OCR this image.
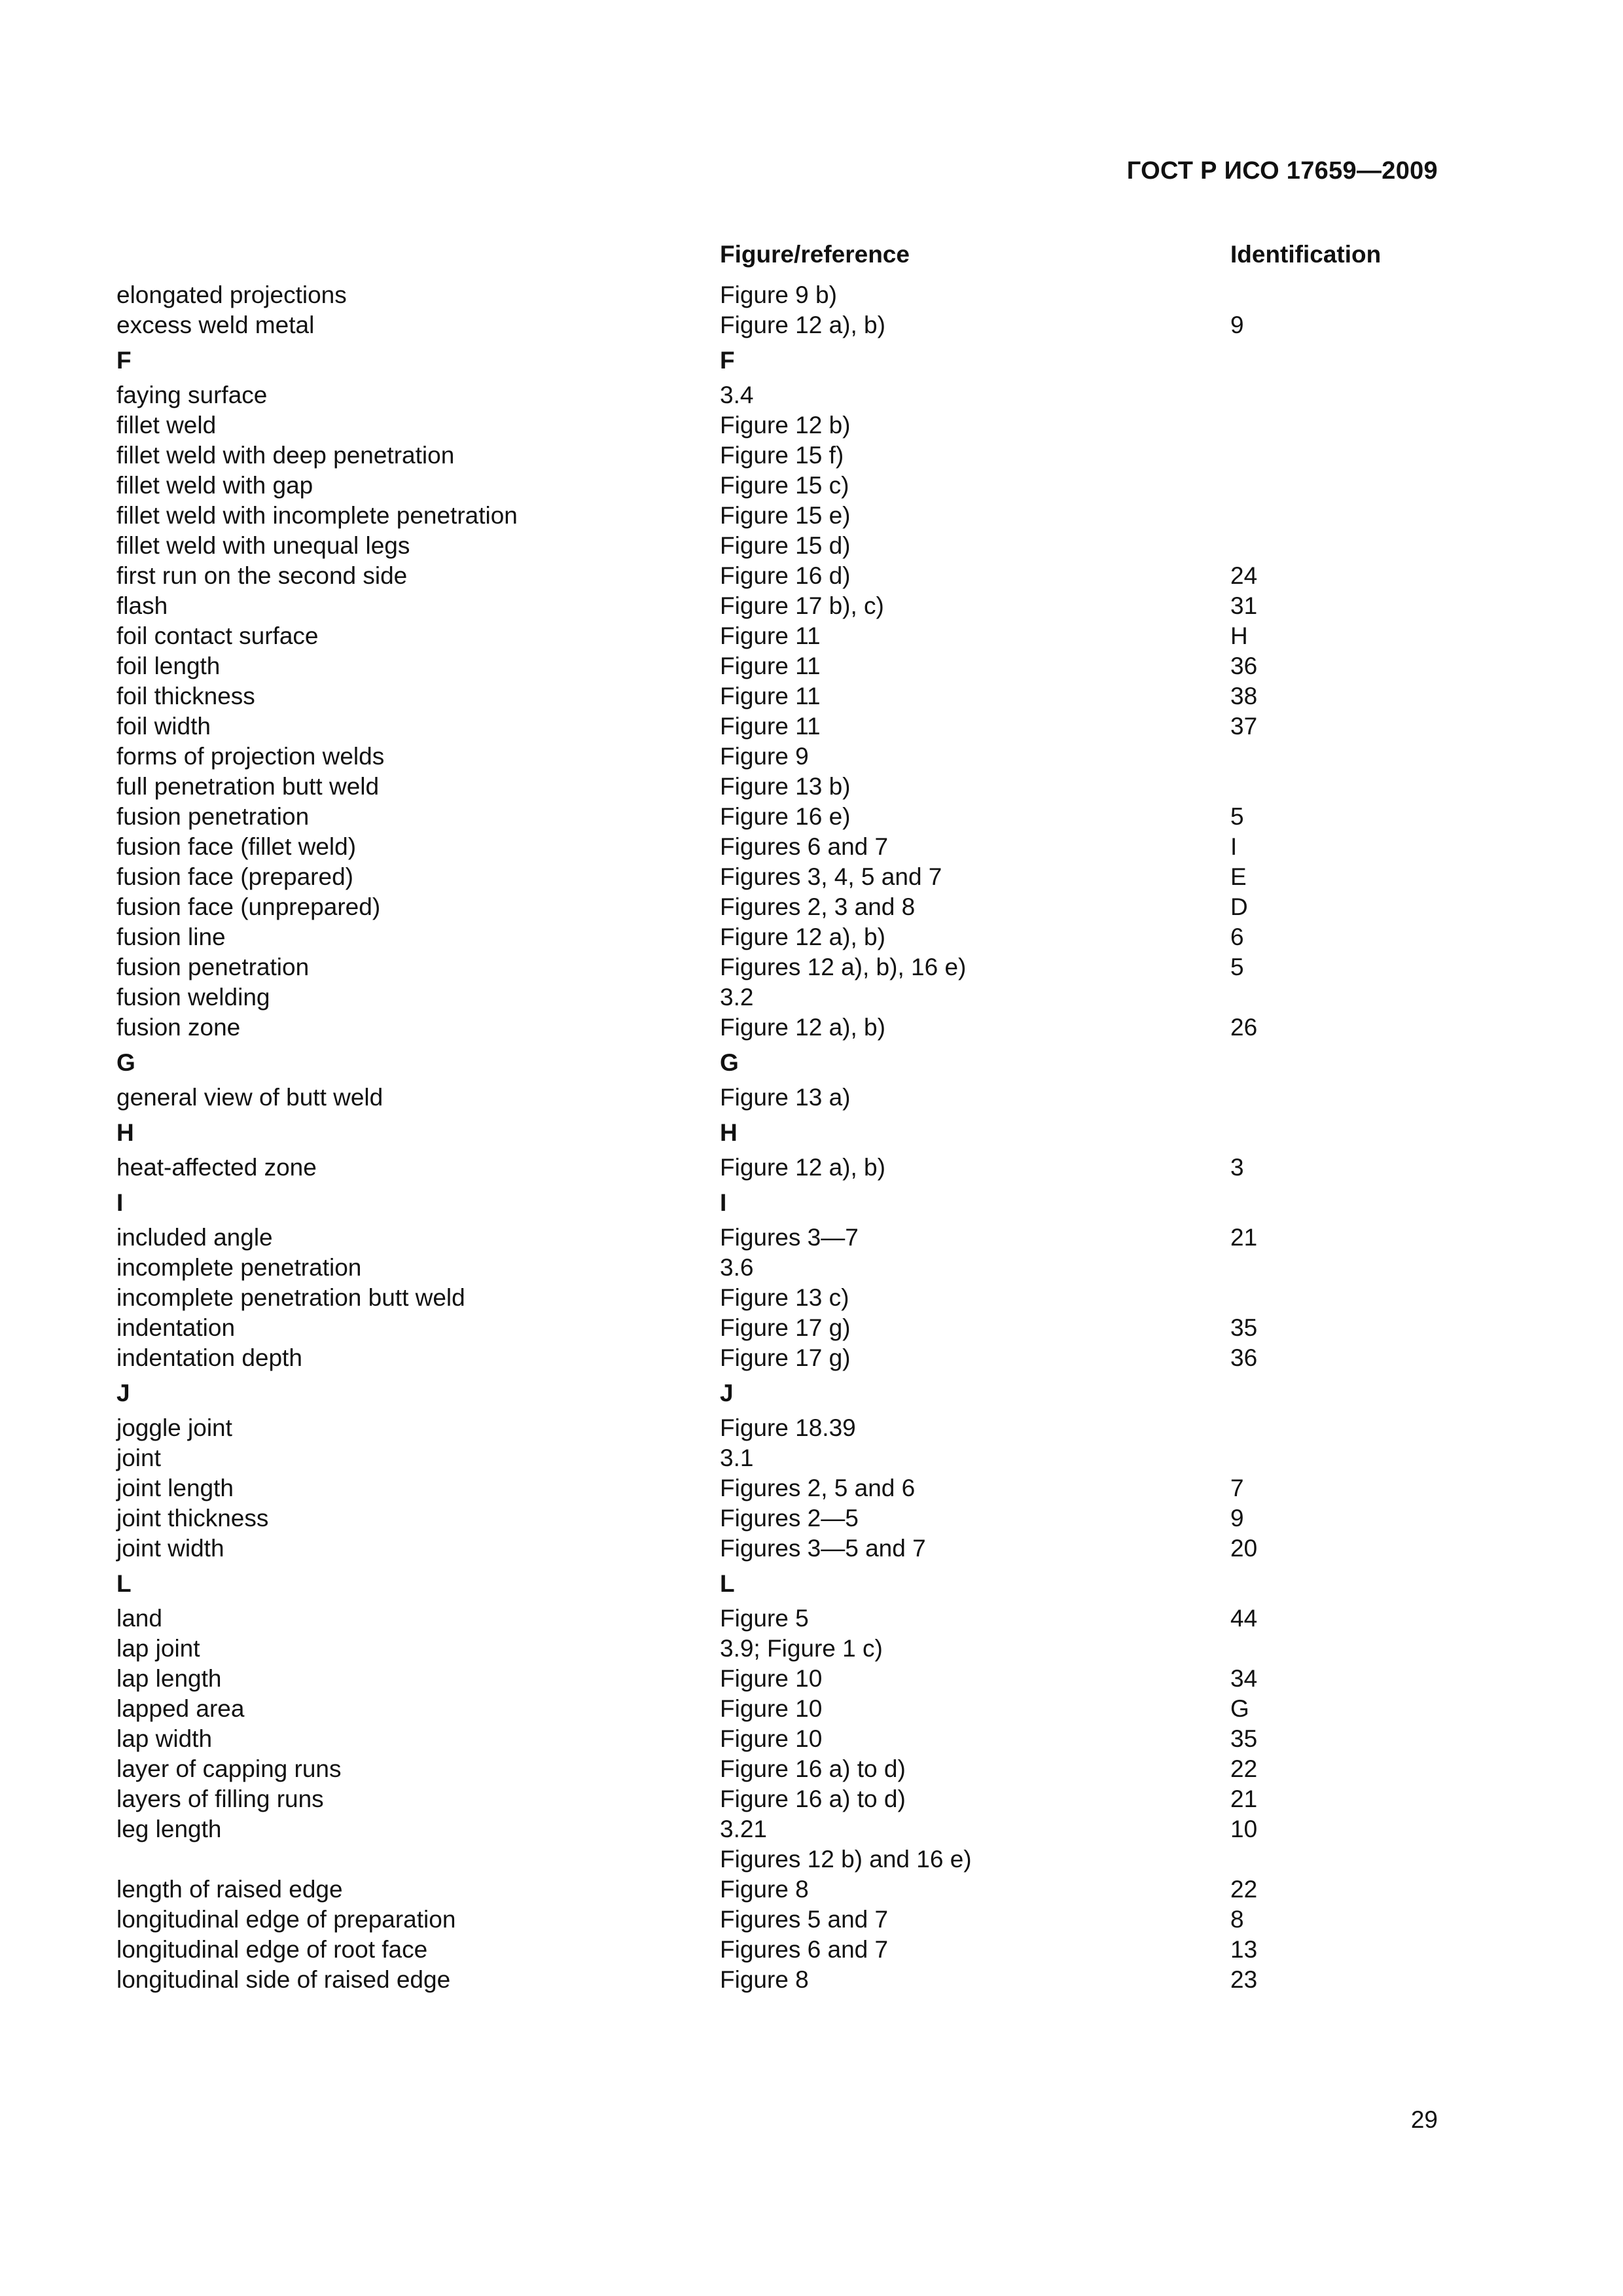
ГОСТ Р ИСО 17659—2009
Figure/reference	Identification
elongated projections	Figure 9 b)
excess weld metal	Figure 12 a), b)	9
F	F
faying surface	3.4
fillet weld	Figure 12 b)
fillet weld with deep penetration	Figure 15 f)
fillet weld with gap	Figure 15 c)
fillet weld with incomplete penetration	Figure 15 e)
fillet weld with unequal legs	Figure 15 d)
first run on the second side	Figure 16 d)	24
flash	Figure 17 b), c)	31
foil contact surface	Figure 11	H
foil length	Figure 11	36
foil thickness	Figure 11	38
foil width	Figure 11	37
forms of projection welds	Figure 9
full penetration butt weld	Figure 13 b)
fusion penetration	Figure 16 e)	5
fusion face (fillet weld)	Figures 6 and 7	I
fusion face (prepared)	Figures 3, 4, 5 and 7	E
fusion face (unprepared)	Figures 2, 3 and 8	D
fusion line	Figure 12 a), b)	6
fusion penetration	Figures 12 a), b), 16 e)	5
fusion welding	3.2
fusion zone	Figure 12 a), b)	26
G	G
general view of butt weld	Figure 13 a)
H	H
heat-affected zone	Figure 12 a), b)	3
I	I
included angle	Figures 3—7	21
incomplete penetration	3.6
incomplete penetration butt weld	Figure 13 c)
indentation	Figure 17 g)	35
indentation depth	Figure 17 g)	36
J	J
joggle joint	Figure 18.39
joint	3.1
joint length	Figures 2, 5 and 6	7
joint thickness	Figures 2—5	9
joint width	Figures 3—5 and 7	20
L	L
land	Figure 5	44
lap joint	3.9; Figure 1 c)
lap length	Figure 10	34
lapped area	Figure 10	G
lap width	Figure 10	35
layer of capping runs	Figure 16 a) to d)	22
layers of filling runs	Figure 16 a) to d)	21
leg length	3.21	10
Figures 12 b) and 16 e)
length of raised edge	Figure 8	22
longitudinal edge of preparation	Figures 5 and 7	8
longitudinal edge of root face	Figures 6 and 7	13
longitudinal side of raised edge	Figure 8	23
29
